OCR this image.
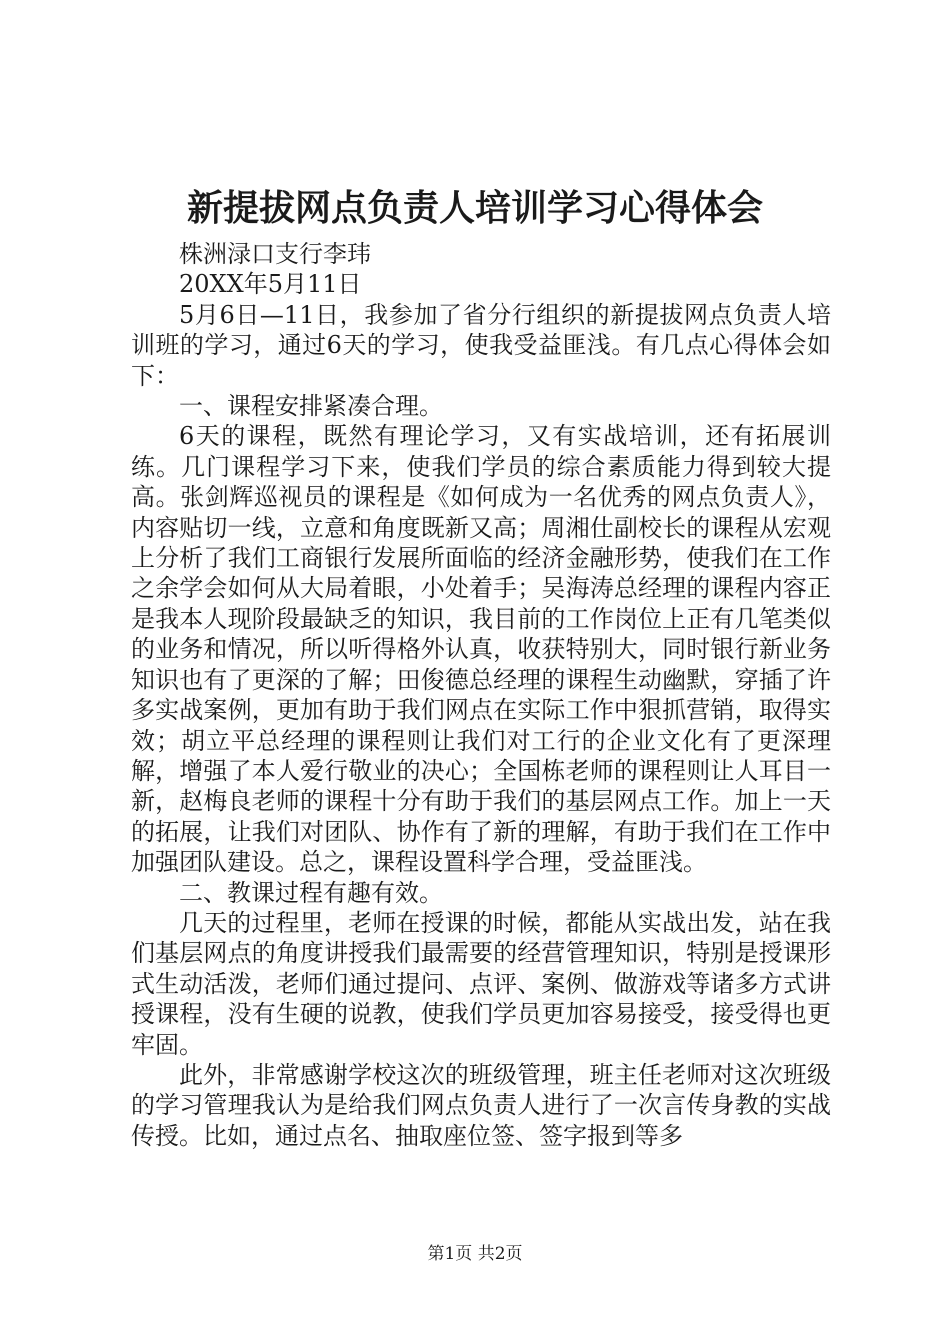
新提拔网点负责人培训学习心得体会

株洲渌口支行李玮

20XX年5月11日

5月6日—11日，我参加了省分行组织的新提拔网点负责人培训班的学习，通过6天的学习，使我受益匪浅。有几点心得体会如下：

一、课程安排紧凑合理。

6天的课程，既然有理论学习，又有实战培训，还有拓展训练。几门课程学习下来，使我们学员的综合素质能力得到较大提高。张剑辉巡视员的课程是《如何成为一名优秀的网点负责人》，内容贴切一线，立意和角度既新又高；周湘仕副校长的课程从宏观上分析了我们工商银行发展所面临的经济金融形势，使我们在工作之余学会如何从大局着眼，小处着手；吴海涛总经理的课程内容正是我本人现阶段最缺乏的知识，我目前的工作岗位上正有几笔类似的业务和情况，所以听得格外认真，收获特别大，同时银行新业务知识也有了更深的了解；田俊德总经理的课程生动幽默，穿插了许多实战案例，更加有助于我们网点在实际工作中狠抓营销，取得实效；胡立平总经理的课程则让我们对工行的企业文化有了更深理解，增强了本人爱行敬业的决心；全国栋老师的课程则让人耳目一新，赵梅良老师的课程十分有助于我们的基层网点工作。加上一天的拓展，让我们对团队、协作有了新的理解，有助于我们在工作中加强团队建设。总之，课程设置科学合理，受益匪浅。

二、教课过程有趣有效。

几天的过程里，老师在授课的时候，都能从实战出发，站在我们基层网点的角度讲授我们最需要的经营管理知识，特别是授课形式生动活泼，老师们通过提问、点评、案例、做游戏等诸多方式讲授课程，没有生硬的说教，使我们学员更加容易接受，接受得也更牢固。

此外，非常感谢学校这次的班级管理，班主任老师对这次班级的学习管理我认为是给我们网点负责人进行了一次言传身教的实战传授。比如，通过点名、抽取座位签、签字报到等多

第1页 共2页
